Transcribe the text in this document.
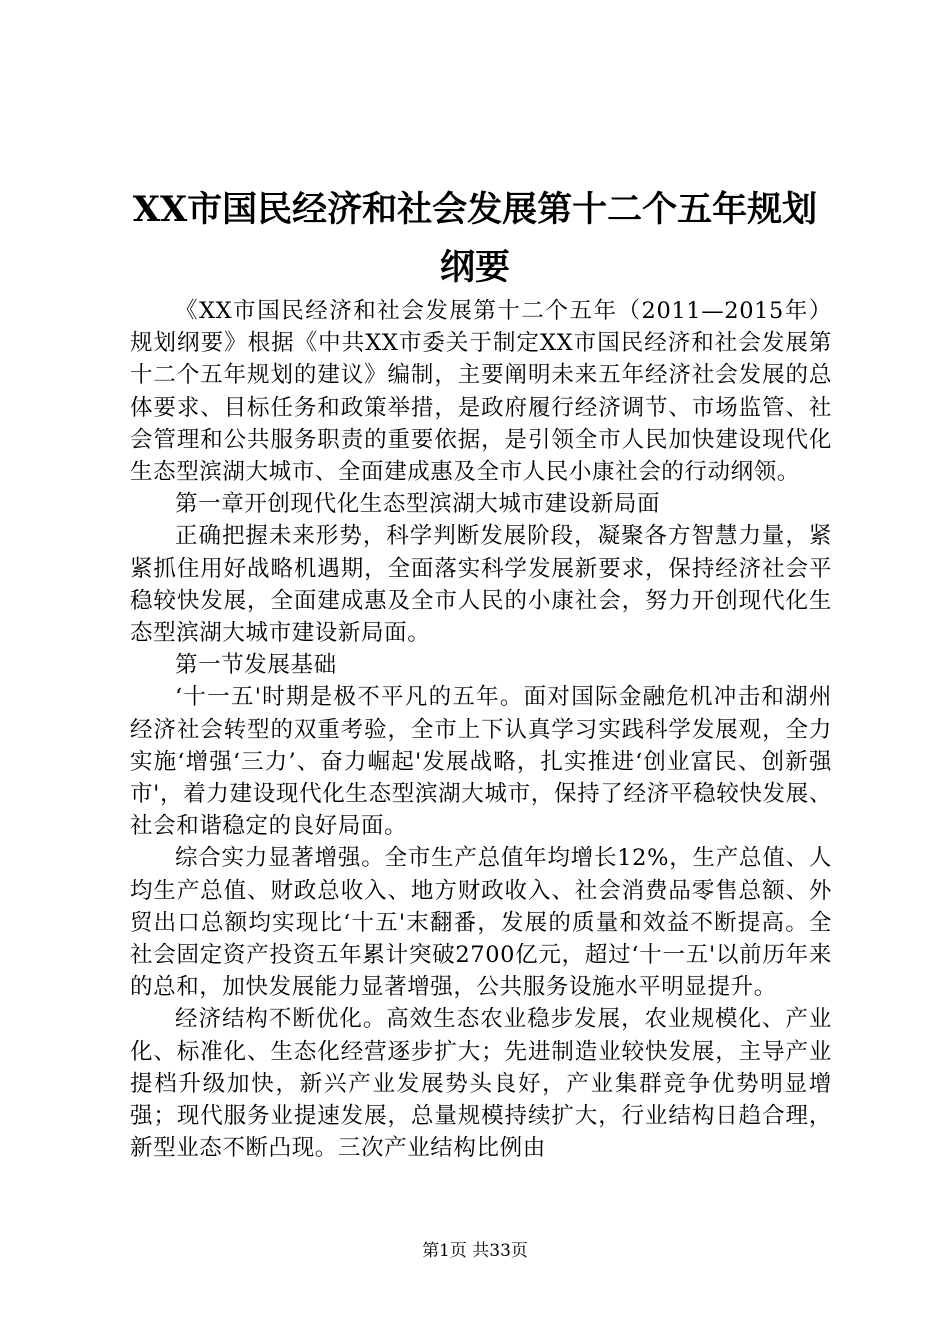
XX市国民经济和社会发展第十二个五年规划
纲要

《XX市国民经济和社会发展第十二个五年（2011—2015年）规划纲要》根据《中共XX市委关于制定XX市国民经济和社会发展第十二个五年规划的建议》编制，主要阐明未来五年经济社会发展的总体要求、目标任务和政策举措，是政府履行经济调节、市场监管、社会管理和公共服务职责的重要依据，是引领全市人民加快建设现代化生态型滨湖大城市、全面建成惠及全市人民小康社会的行动纲领。

第一章开创现代化生态型滨湖大城市建设新局面

正确把握未来形势，科学判断发展阶段，凝聚各方智慧力量，紧紧抓住用好战略机遇期，全面落实科学发展新要求，保持经济社会平稳较快发展，全面建成惠及全市人民的小康社会，努力开创现代化生态型滨湖大城市建设新局面。

第一节发展基础

‘十一五'时期是极不平凡的五年。面对国际金融危机冲击和湖州经济社会转型的双重考验，全市上下认真学习实践科学发展观，全力实施‘增强‘三力’、奋力崛起'发展战略，扎实推进‘创业富民、创新强市'，着力建设现代化生态型滨湖大城市，保持了经济平稳较快发展、社会和谐稳定的良好局面。

综合实力显著增强。全市生产总值年均增长12%，生产总值、人均生产总值、财政总收入、地方财政收入、社会消费品零售总额、外贸出口总额均实现比‘十五'末翻番，发展的质量和效益不断提高。全社会固定资产投资五年累计突破2700亿元，超过‘十一五'以前历年来的总和，加快发展能力显著增强，公共服务设施水平明显提升。

经济结构不断优化。高效生态农业稳步发展，农业规模化、产业化、标准化、生态化经营逐步扩大；先进制造业较快发展，主导产业提档升级加快，新兴产业发展势头良好，产业集群竞争优势明显增强；现代服务业提速发展，总量规模持续扩大，行业结构日趋合理，新型业态不断凸现。三次产业结构比例由

第1页 共33页
